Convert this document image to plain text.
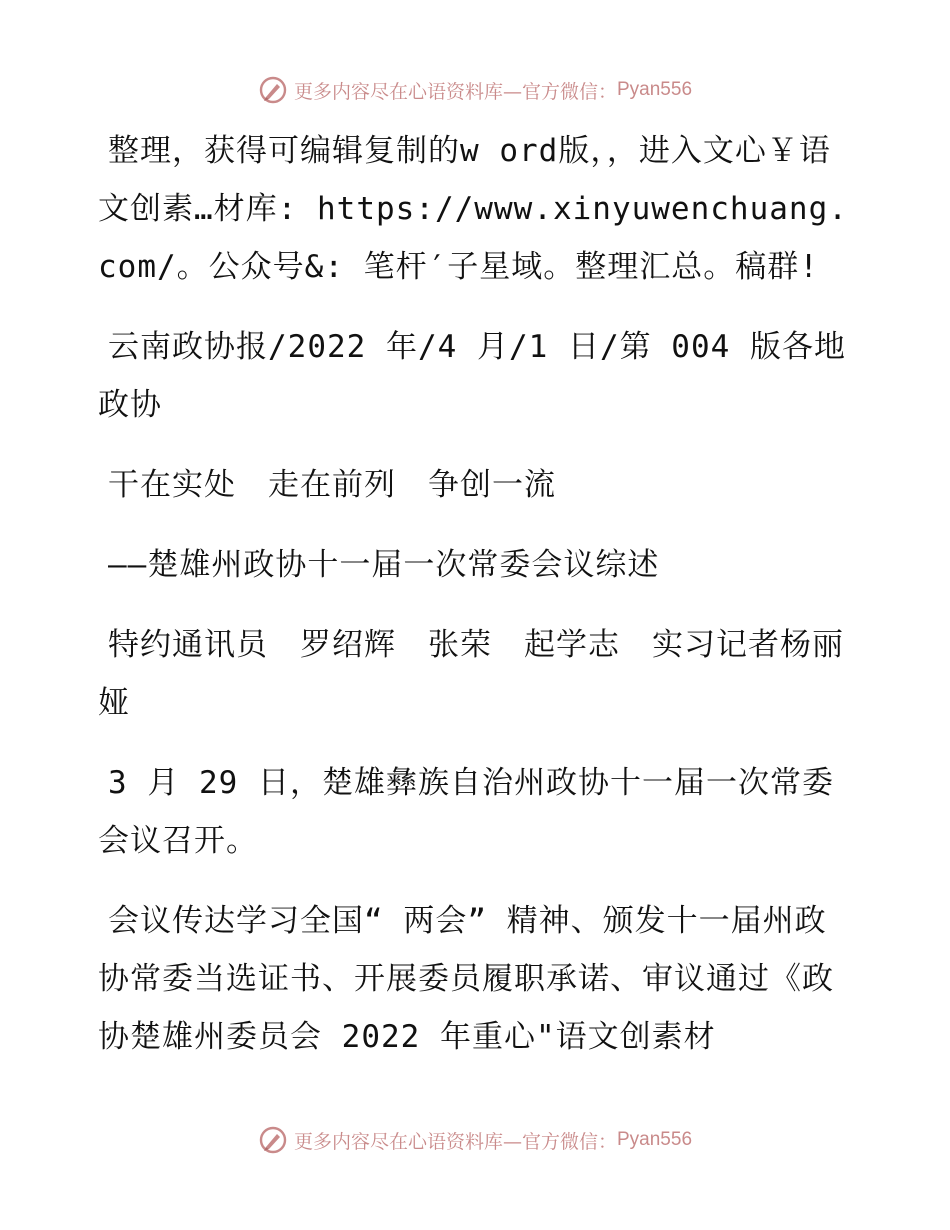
更多内容尽在心语资料库—官方微信： Pyan556

整理，获得可编辑复制的w ord版，，进入文心￥语文创素…材库: https://www.xinyuwenchuang.com/。公众号&: 笔杆′子星域。整理汇总。稿群!

云南政协报/2022 年/4 月/1 日/第 004 版各地政协

干在实处　走在前列　争创一流

——楚雄州政协十一届一次常委会议综述

特约通讯员　罗绍辉　张荣　起学志　实习记者杨丽娅

3 月 29 日，楚雄彝族自治州政协十一届一次常委会议召开。

会议传达学习全国“ 两会” 精神、颁发十一届州政协常委当选证书、开展委员履职承诺、审议通过《政协楚雄州委员会 2022 年重心"语文创素材

更多内容尽在心语资料库—官方微信： Pyan556
